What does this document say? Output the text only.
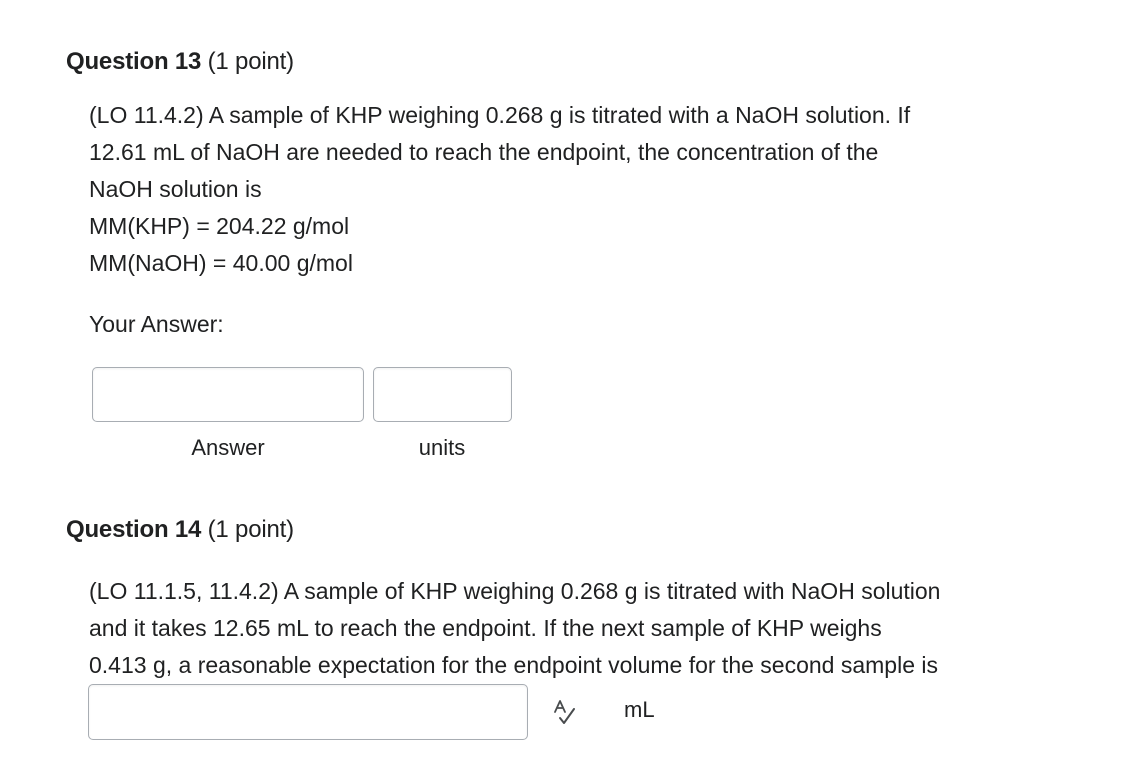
Question 13 (1 point)
(LO 11.4.2) A sample of KHP weighing 0.268 g is titrated with a NaOH solution. If
12.61 mL of NaOH are needed to reach the endpoint, the concentration of the
NaOH solution is
MM(KHP) = 204.22 g/mol
MM(NaOH) = 40.00 g/mol
Your Answer:
Answer	units
Question 14 (1 point)
(LO 11.1.5, 11.4.2) A sample of KHP weighing 0.268 g is titrated with NaOH solution
and it takes 12.65 mL to reach the endpoint. If the next sample of KHP weighs
0.413 g, a reasonable expectation for the endpoint volume for the second sample is
mL
